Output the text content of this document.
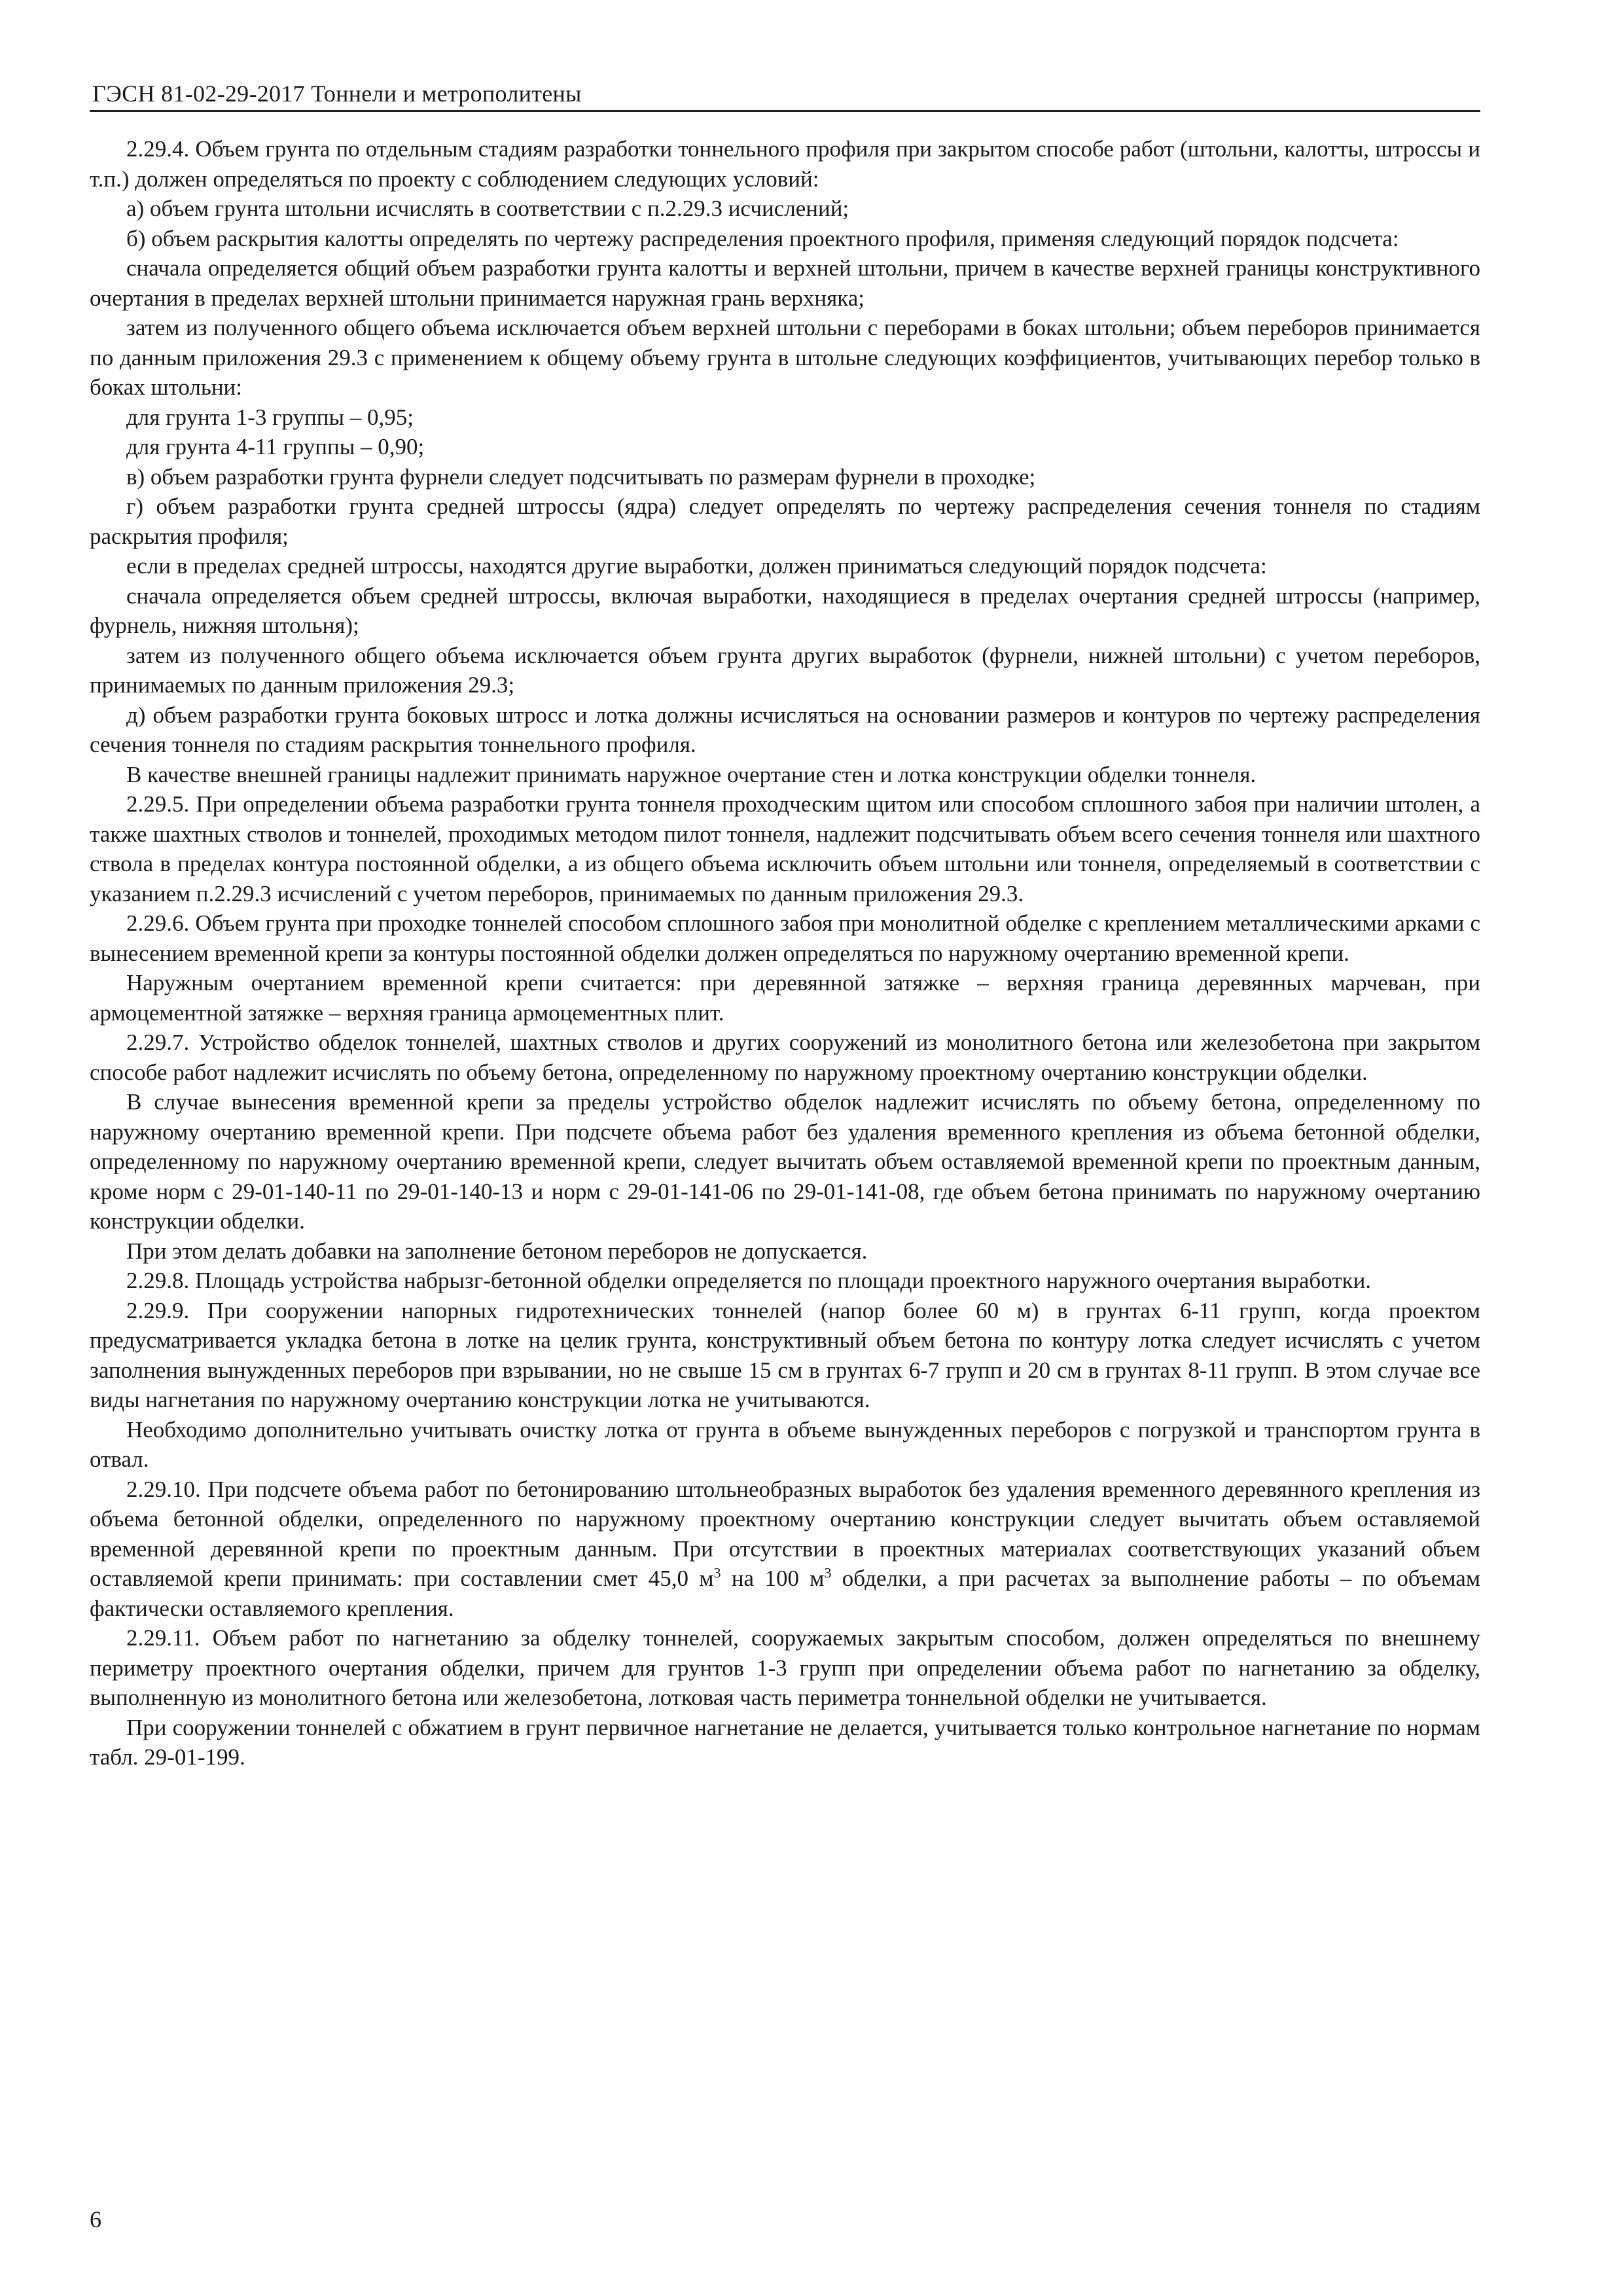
ГЭСН 81-02-29-2017 Тоннели и метрополитены

2.29.4. Объем грунта по отдельным стадиям разработки тоннельного профиля при закрытом способе работ (штольни, калотты, штроссы и т.п.) должен определяться по проекту с соблюдением следующих условий:

а) объем грунта штольни исчислять в соответствии с п.2.29.3 исчислений;

б) объем раскрытия калотты определять по чертежу распределения проектного профиля, применяя следующий порядок подсчета:

сначала определяется общий объем разработки грунта калотты и верхней штольни, причем в качестве верхней границы конструктивного очертания в пределах верхней штольни принимается наружная грань верхняка;

затем из полученного общего объема исключается объем верхней штольни с переборами в боках штольни; объем переборов принимается по данным приложения 29.3 с применением к общему объему грунта в штольне следующих коэффициентов, учитывающих перебор только в боках штольни:

для грунта 1-3 группы – 0,95;

для грунта 4-11 группы – 0,90;

в) объем разработки грунта фурнели следует подсчитывать по размерам фурнели в проходке;

г) объем разработки грунта средней штроссы (ядра) следует определять по чертежу распределения сечения тоннеля по стадиям раскрытия профиля;

если в пределах средней штроссы, находятся другие выработки, должен приниматься следующий порядок подсчета:

сначала определяется объем средней штроссы, включая выработки, находящиеся в пределах очертания средней штроссы (например, фурнель, нижняя штольня);

затем из полученного общего объема исключается объем грунта других выработок (фурнели, нижней штольни) с учетом переборов, принимаемых по данным приложения 29.3;

д) объем разработки грунта боковых штросс и лотка должны исчисляться на основании размеров и контуров по чертежу распределения сечения тоннеля по стадиям раскрытия тоннельного профиля.

В качестве внешней границы надлежит принимать наружное очертание стен и лотка конструкции обделки тоннеля.

2.29.5. При определении объема разработки грунта тоннеля проходческим щитом или способом сплошного забоя при наличии штолен, а также шахтных стволов и тоннелей, проходимых методом пилот тоннеля, надлежит подсчитывать объем всего сечения тоннеля или шахтного ствола в пределах контура постоянной обделки, а из общего объема исключить объем штольни или тоннеля, определяемый в соответствии с указанием п.2.29.3 исчислений с учетом переборов, принимаемых по данным приложения 29.3.

2.29.6. Объем грунта при проходке тоннелей способом сплошного забоя при монолитной обделке с креплением металлическими арками с вынесением временной крепи за контуры постоянной обделки должен определяться по наружному очертанию временной крепи.

Наружным очертанием временной крепи считается: при деревянной затяжке – верхняя граница деревянных марчеван, при армоцементной затяжке – верхняя граница армоцементных плит.

2.29.7. Устройство обделок тоннелей, шахтных стволов и других сооружений из монолитного бетона или железобетона при закрытом способе работ надлежит исчислять по объему бетона, определенному по наружному проектному очертанию конструкции обделки.

В случае вынесения временной крепи за пределы устройство обделок надлежит исчислять по объему бетона, определенному по наружному очертанию временной крепи. При подсчете объема работ без удаления временного крепления из объема бетонной обделки, определенному по наружному очертанию временной крепи, следует вычитать объем оставляемой временной крепи по проектным данным, кроме норм с 29-01-140-11 по 29-01-140-13 и норм с 29-01-141-06 по 29-01-141-08, где объем бетона принимать по наружному очертанию конструкции обделки.

При этом делать добавки на заполнение бетоном переборов не допускается.

2.29.8. Площадь устройства набрызг-бетонной обделки определяется по площади проектного наружного очертания выработки.

2.29.9. При сооружении напорных гидротехнических тоннелей (напор более 60 м) в грунтах 6-11 групп, когда проектом предусматривается укладка бетона в лотке на целик грунта, конструктивный объем бетона по контуру лотка следует исчислять с учетом заполнения вынужденных переборов при взрывании, но не свыше 15 см в грунтах 6-7 групп и 20 см в грунтах 8-11 групп. В этом случае все виды нагнетания по наружному очертанию конструкции лотка не учитываются.

Необходимо дополнительно учитывать очистку лотка от грунта в объеме вынужденных переборов с погрузкой и транспортом грунта в отвал.

2.29.10. При подсчете объема работ по бетонированию штольнеобразных выработок без удаления временного деревянного крепления из объема бетонной обделки, определенного по наружному проектному очертанию конструкции следует вычитать объем оставляемой временной деревянной крепи по проектным данным. При отсутствии в проектных материалах соответствующих указаний объем оставляемой крепи принимать: при составлении смет 45,0 $м^3$ на 100 $м^3$ обделки, а при расчетах за выполнение работы – по объемам фактически оставляемого крепления.

2.29.11. Объем работ по нагнетанию за обделку тоннелей, сооружаемых закрытым способом, должен определяться по внешнему периметру проектного очертания обделки, причем для грунтов 1-3 групп при определении объема работ по нагнетанию за обделку, выполненную из монолитного бетона или железобетона, лотковая часть периметра тоннельной обделки не учитывается.

При сооружении тоннелей с обжатием в грунт первичное нагнетание не делается, учитывается только контрольное нагнетание по нормам табл. 29-01-199.

6
